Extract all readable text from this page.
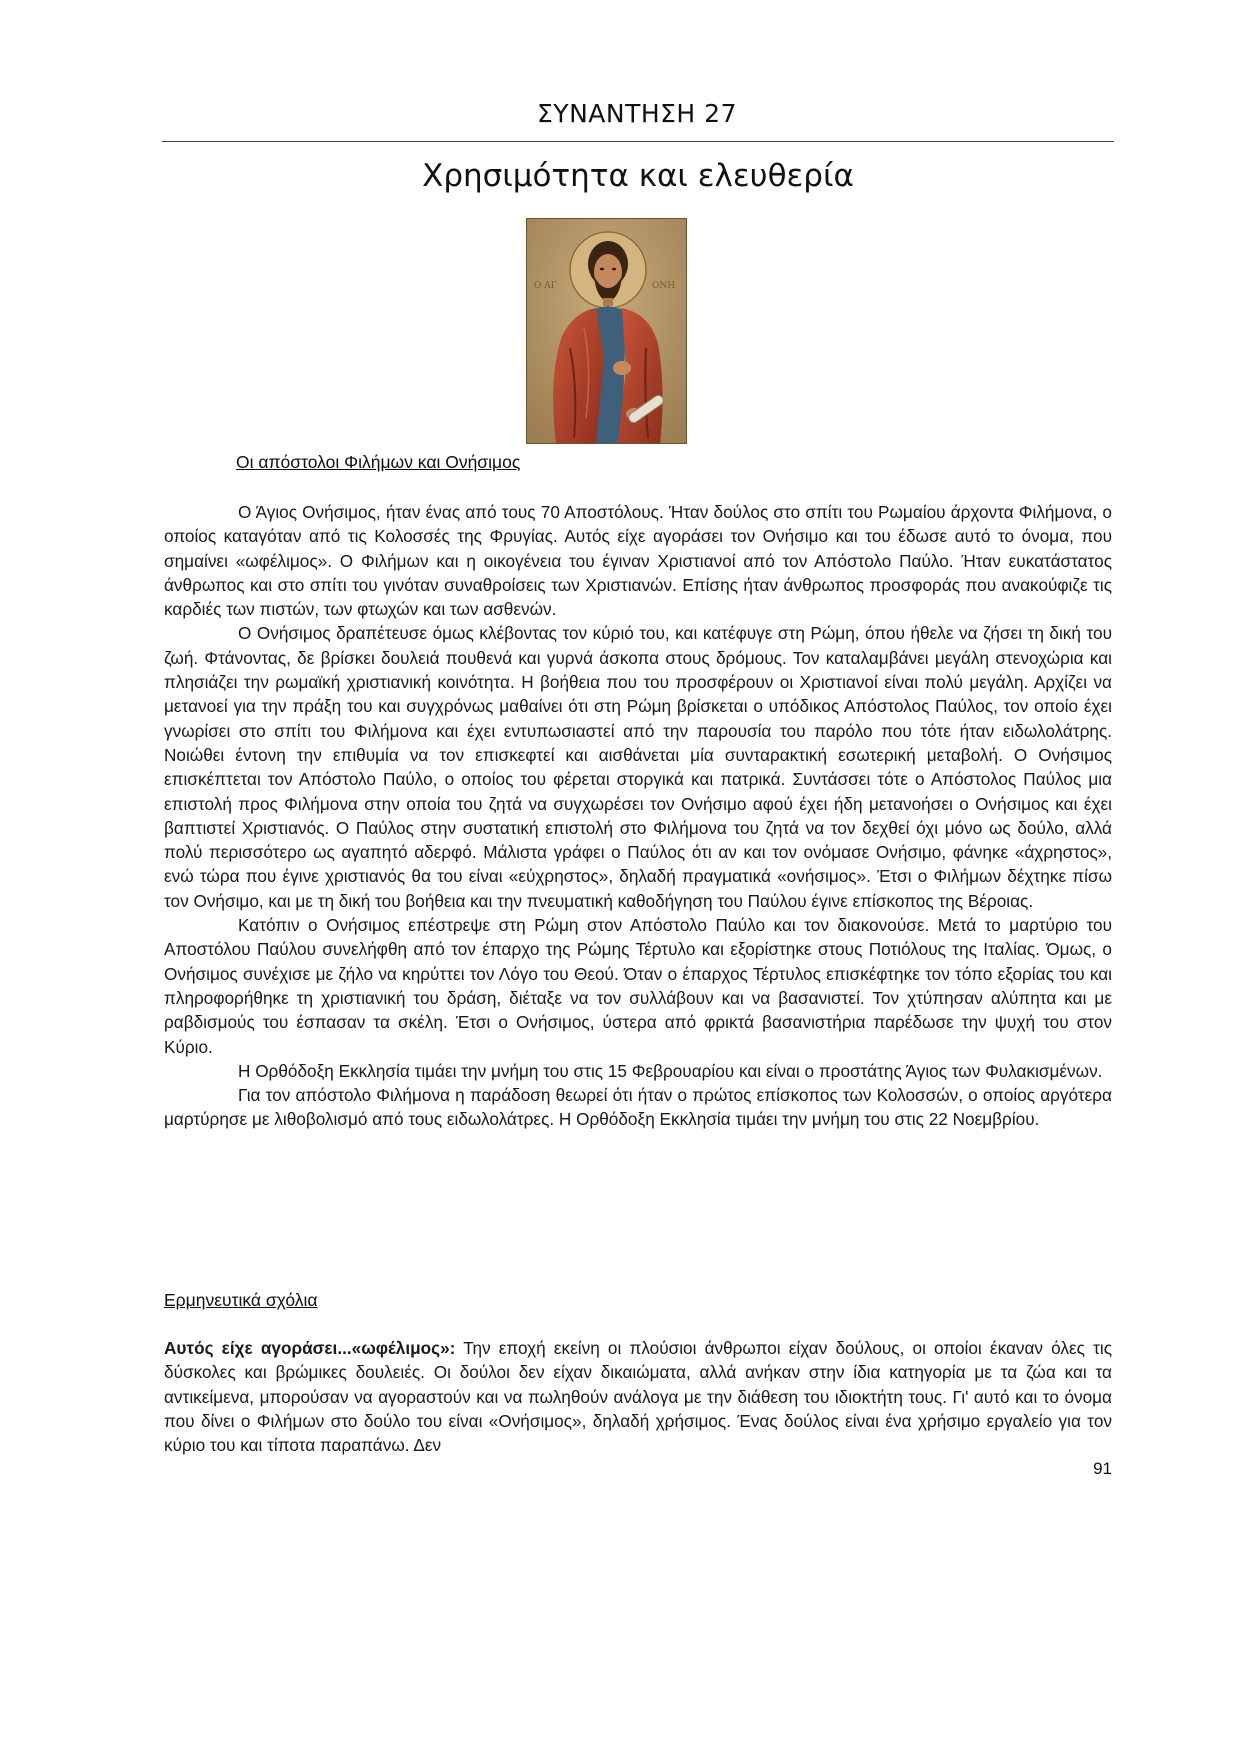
ΣΥΝΑΝΤΗΣΗ 27
Χρησιμότητα και ελευθερία
Ο ΑΓ	ΟΝΗ
Οι απόστολοι Φιλήμων και Ονήσιμος

Ο Άγιος Ονήσιμος, ήταν ένας από τους 70 Αποστόλους. Ήταν δούλος στο σπίτι του Ρωμαίου άρχοντα Φιλήμονα, ο οποίος καταγόταν από τις Κολοσσές της Φρυγίας. Αυτός είχε αγοράσει τον Ονήσιμο και του έδωσε αυτό το όνομα, που σημαίνει «ωφέλιμος». Ο Φιλήμων και η οικογένεια του έγιναν Χριστιανοί από τον Απόστολο Παύλο. Ήταν ευκατάστατος άνθρωπος και στο σπίτι του γινόταν συναθροίσεις των Χριστιανών. Επίσης ήταν άνθρωπος προσφοράς που ανακούφιζε τις καρδιές των πιστών, των φτωχών και των ασθενών.

Ο Ονήσιμος δραπέτευσε όμως κλέβοντας τον κύριό του, και κατέφυγε στη Ρώμη, όπου ήθελε να ζήσει τη δική του ζωή. Φτάνοντας, δε βρίσκει δουλειά πουθενά και γυρνά άσκοπα στους δρόμους. Τον καταλαμβάνει μεγάλη στενοχώρια και πλησιάζει την ρωμαϊκή χριστιανική κοινότητα. Η βοήθεια που του προσφέρουν οι Χριστιανοί είναι πολύ μεγάλη. Αρχίζει να μετανοεί για την πράξη του και συγχρόνως μαθαίνει ότι στη Ρώμη βρίσκεται ο υπόδικος Απόστολος Παύλος, τον οποίο έχει γνωρίσει στο σπίτι του Φιλήμονα και έχει εντυπωσιαστεί από την παρουσία του παρόλο που τότε ήταν ειδωλολάτρης. Νοιώθει έντονη την επιθυμία να τον επισκεφτεί και αισθάνεται μία συνταρακτική εσωτερική μεταβολή. Ο Ονήσιμος επισκέπτεται τον Απόστολο Παύλο, ο οποίος του φέρεται στοργικά και πατρικά. Συντάσσει τότε ο Απόστολος Παύλος μια επιστολή προς Φιλήμονα στην οποία του ζητά να συγχωρέσει τον Ονήσιμο αφού έχει ήδη μετανοήσει ο Ονήσιμος και έχει βαπτιστεί Χριστιανός. Ο Παύλος στην συστατική επιστολή στο Φιλήμονα του ζητά να τον δεχθεί όχι μόνο ως δούλο, αλλά πολύ περισσότερο ως αγαπητό αδερφό. Μάλιστα γράφει ο Παύλος ότι αν και τον ονόμασε Ονήσιμο, φάνηκε «άχρηστος», ενώ τώρα που έγινε χριστιανός θα του είναι «εύχρηστος», δηλαδή πραγματικά «ονήσιμος». Έτσι ο Φιλήμων δέχτηκε πίσω τον Ονήσιμο, και με τη δική του βοήθεια και την πνευματική καθοδήγηση του Παύλου έγινε επίσκοπος της Βέροιας.

Κατόπιν ο Ονήσιμος επέστρεψε στη Ρώμη στον Απόστολο Παύλο και τον διακονούσε. Μετά το μαρτύριο του Αποστόλου Παύλου συνελήφθη από τον έπαρχο της Ρώμης Τέρτυλο και εξορίστηκε στους Ποτιόλους της Ιταλίας. Όμως, ο Ονήσιμος συνέχισε με ζήλο να κηρύττει τον Λόγο του Θεού. Όταν ο έπαρχος Τέρτυλος επισκέφτηκε τον τόπο εξορίας του και πληροφορήθηκε τη χριστιανική του δράση, διέταξε να τον συλλάβουν και να βασανιστεί. Τον χτύπησαν αλύπητα και με ραβδισμούς του έσπασαν τα σκέλη. Έτσι ο Ονήσιμος, ύστερα από φρικτά βασανιστήρια παρέδωσε την ψυχή του στον Κύριο.

Η Ορθόδοξη Εκκλησία τιμάει την μνήμη του στις 15 Φεβρουαρίου και είναι ο προστάτης Άγιος των Φυλακισμένων.

Για τον απόστολο Φιλήμονα η παράδοση θεωρεί ότι ήταν ο πρώτος επίσκοπος των Κολοσσών, ο οποίος αργότερα μαρτύρησε με λιθοβολισμό από τους ειδωλολάτρες. Η Ορθόδοξη Εκκλησία τιμάει την μνήμη του στις 22 Νοεμβρίου.

Ερμηνευτικά σχόλια

Αυτός είχε αγοράσει...«ωφέλιμος»: Την εποχή εκείνη οι πλούσιοι άνθρωποι είχαν δούλους, οι οποίοι έκαναν όλες τις δύσκολες και βρώμικες δουλειές. Οι δούλοι δεν είχαν δικαιώματα, αλλά ανήκαν στην ίδια κατηγορία με τα ζώα και τα αντικείμενα, μπορούσαν να αγοραστούν και να πωληθούν ανάλογα με την διάθεση του ιδιοκτήτη τους. Γι' αυτό και το όνομα που δίνει ο Φιλήμων στο δούλο του είναι «Ονήσιμος», δηλαδή χρήσιμος. Ένας δούλος είναι ένα χρήσιμο εργαλείο για τον κύριο του και τίποτα παραπάνω. Δεν

91
